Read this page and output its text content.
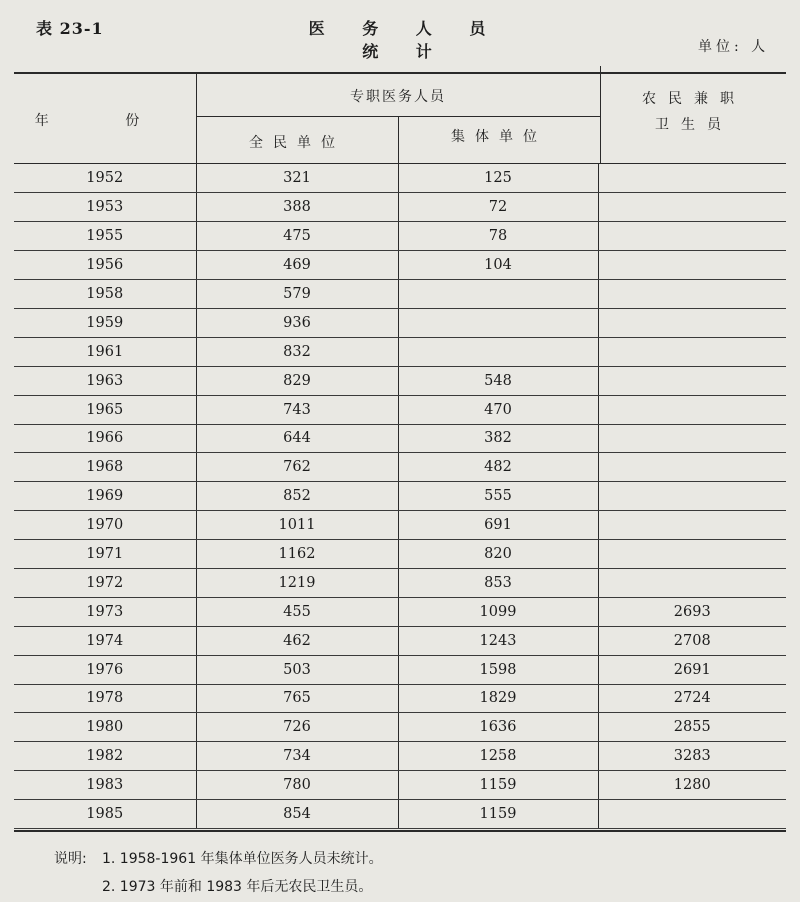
表 23-1	医 务 人 员 统 计	单位: 人
年 份
专职医务人员
全民单位	集体单位
农民兼职卫生员
1952	321	125	
1953	388	72	
1955	475	78	
1956	469	104	
1958	579		
1959	936		
1961	832		
1963	829	548	
1965	743	470	
1966	644	382	
1968	762	482	
1969	852	555	
1970	1011	691	
1971	1162	820	
1972	1219	853	
1973	455	1099	2693
1974	462	1243	2708
1976	503	1598	2691
1978	765	1829	2724
1980	726	1636	2855
1982	734	1258	3283
1983	780	1159	1280
1985	854	1159	
说明: 1. 1958-1961 年集体单位医务人员未统计。
2. 1973 年前和 1983 年后无农民卫生员。
